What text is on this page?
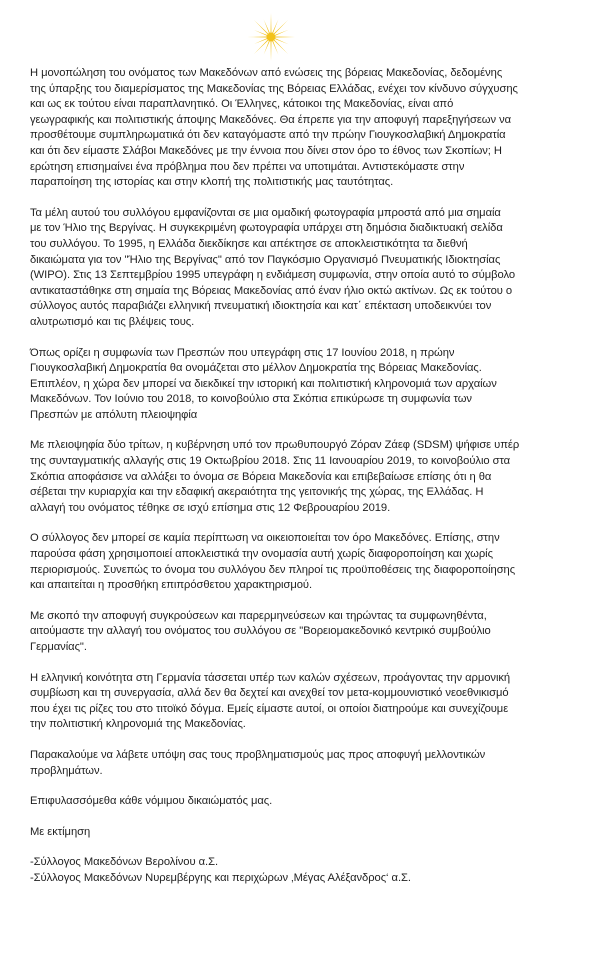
Η μονοπώληση του ονόματος των Μακεδόνων από ενώσεις της βόρειας Μακεδονίας, δεδομένης
της ύπαρξης του διαμερίσματος της Μακεδονίας της Βόρειας Ελλάδας, ενέχει τον κίνδυνο σύγχυσης
και ως εκ τούτου είναι παραπλανητικό. Οι Έλληνες, κάτοικοι της Μακεδονίας, είναι από
γεωγραφικής και πολιτιστικής άποψης Μακεδόνες. Θα έπρεπε για την αποφυγή παρεξηγήσεων να
προσθέτουμε συμπληρωματικά ότι δεν καταγόμαστε από την πρώην Γιουγκοσλαβική Δημοκρατία
και ότι δεν είμαστε Σλάβοι Μακεδόνες με την έννοια που δίνει στον όρο το έθνος των Σκοπίων; Η
ερώτηση επισημαίνει ένα πρόβλημα που δεν πρέπει να υποτιμάται. Αντιστεκόμαστε στην
παραποίηση της ιστορίας και στην κλοπή της πολιτιστικής μας ταυτότητας.

Τα μέλη αυτού του συλλόγου εμφανίζονται σε μια ομαδική φωτογραφία μπροστά από μια σημαία
με τον Ήλιο της Βεργίνας. Η συγκεκριμένη φωτογραφία υπάρχει στη δημόσια διαδικτυακή σελίδα
του συλλόγου. Το 1995, η Ελλάδα διεκδίκησε και απέκτησε σε αποκλειστικότητα τα διεθνή
δικαιώματα για τον "Ήλιο της Βεργίνας" από τον Παγκόσμιο Οργανισμό Πνευματικής Ιδιοκτησίας
(WIPO). Στις 13 Σεπτεμβρίου 1995 υπεγράφη η ενδιάμεση συμφωνία, στην οποία αυτό το σύμβολο
αντικαταστάθηκε στη σημαία της Βόρειας Μακεδονίας από έναν ήλιο οκτώ ακτίνων. Ως εκ τούτου ο
σύλλογος αυτός παραβιάζει ελληνική πνευματική ιδιοκτησία και κατ΄ επέκταση υποδεικνύει τον
αλυτρωτισμό και τις βλέψεις τους.

Όπως ορίζει η συμφωνία των Πρεσπών που υπεγράφη στις 17 Ιουνίου 2018, η πρώην
Γιουγκοσλαβική Δημοκρατία θα ονομάζεται στο μέλλον Δημοκρατία της Βόρειας Μακεδονίας.
Επιπλέον, η χώρα δεν μπορεί να διεκδικεί την ιστορική και πολιτιστική κληρονομιά των αρχαίων
Μακεδόνων. Τον Ιούνιο του 2018, το κοινοβούλιο στα Σκόπια επικύρωσε τη συμφωνία των
Πρεσπών με απόλυτη πλειοψηφία

Με πλειοψηφία δύο τρίτων, η κυβέρνηση υπό τον πρωθυπουργό Ζόραν Ζάεφ (SDSM) ψήφισε υπέρ
της συνταγματικής αλλαγής στις 19 Οκτωβρίου 2018. Στις 11 Ιανουαρίου 2019, το κοινοβούλιο στα
Σκόπια αποφάσισε να αλλάξει το όνομα σε Βόρεια Μακεδονία και επιβεβαίωσε επίσης ότι η θα
σέβεται την κυριαρχία και την εδαφική ακεραιότητα της γειτονικής της χώρας, της Ελλάδας. Η
αλλαγή του ονόματος τέθηκε σε ισχύ επίσημα στις 12 Φεβρουαρίου 2019.

Ο σύλλογος δεν μπορεί σε καμία περίπτωση να οικειοποιείται τον όρο Μακεδόνες. Επίσης, στην
παρούσα φάση χρησιμοποιεί αποκλειστικά την ονομασία αυτή χωρίς διαφοροποίηση και χωρίς
περιορισμούς. Συνεπώς το όνομα του συλλόγου δεν πληροί τις προϋποθέσεις της διαφοροποίησης
και απαιτείται η προσθήκη επιπρόσθετου χαρακτηρισμού.

Με σκοπό την αποφυγή συγκρούσεων και παρερμηνεύσεων και τηρώντας τα συμφωνηθέντα,
αιτούμαστε την αλλαγή του ονόματος του συλλόγου σε "Βορειομακεδονικό κεντρικό συμβούλιο
Γερμανίας".

Η ελληνική κοινότητα στη Γερμανία τάσσεται υπέρ των καλών σχέσεων, προάγοντας την αρμονική
συμβίωση και τη συνεργασία, αλλά δεν θα δεχτεί και ανεχθεί τον μετα-κομμουνιστικό νεοεθνικισμό
που έχει τις ρίζες του στο τιτοϊκό δόγμα. Εμείς είμαστε αυτοί, οι οποίοι διατηρούμε και συνεχίζουμε
την πολιτιστική κληρονομιά της Μακεδονίας.

Παρακαλούμε να λάβετε υπόψη σας τους προβληματισμούς μας προς αποφυγή μελλοντικών
προβλημάτων.

Επιφυλασσόμεθα κάθε νόμιμου δικαιώματός μας.

Με εκτίμηση

-Σύλλογος Μακεδόνων Βερολίνου α.Σ.

-Σύλλογος Μακεδόνων Νυρεμβέργης και περιχώρων ‚Μέγας Αλέξανδρος‘ α.Σ.
